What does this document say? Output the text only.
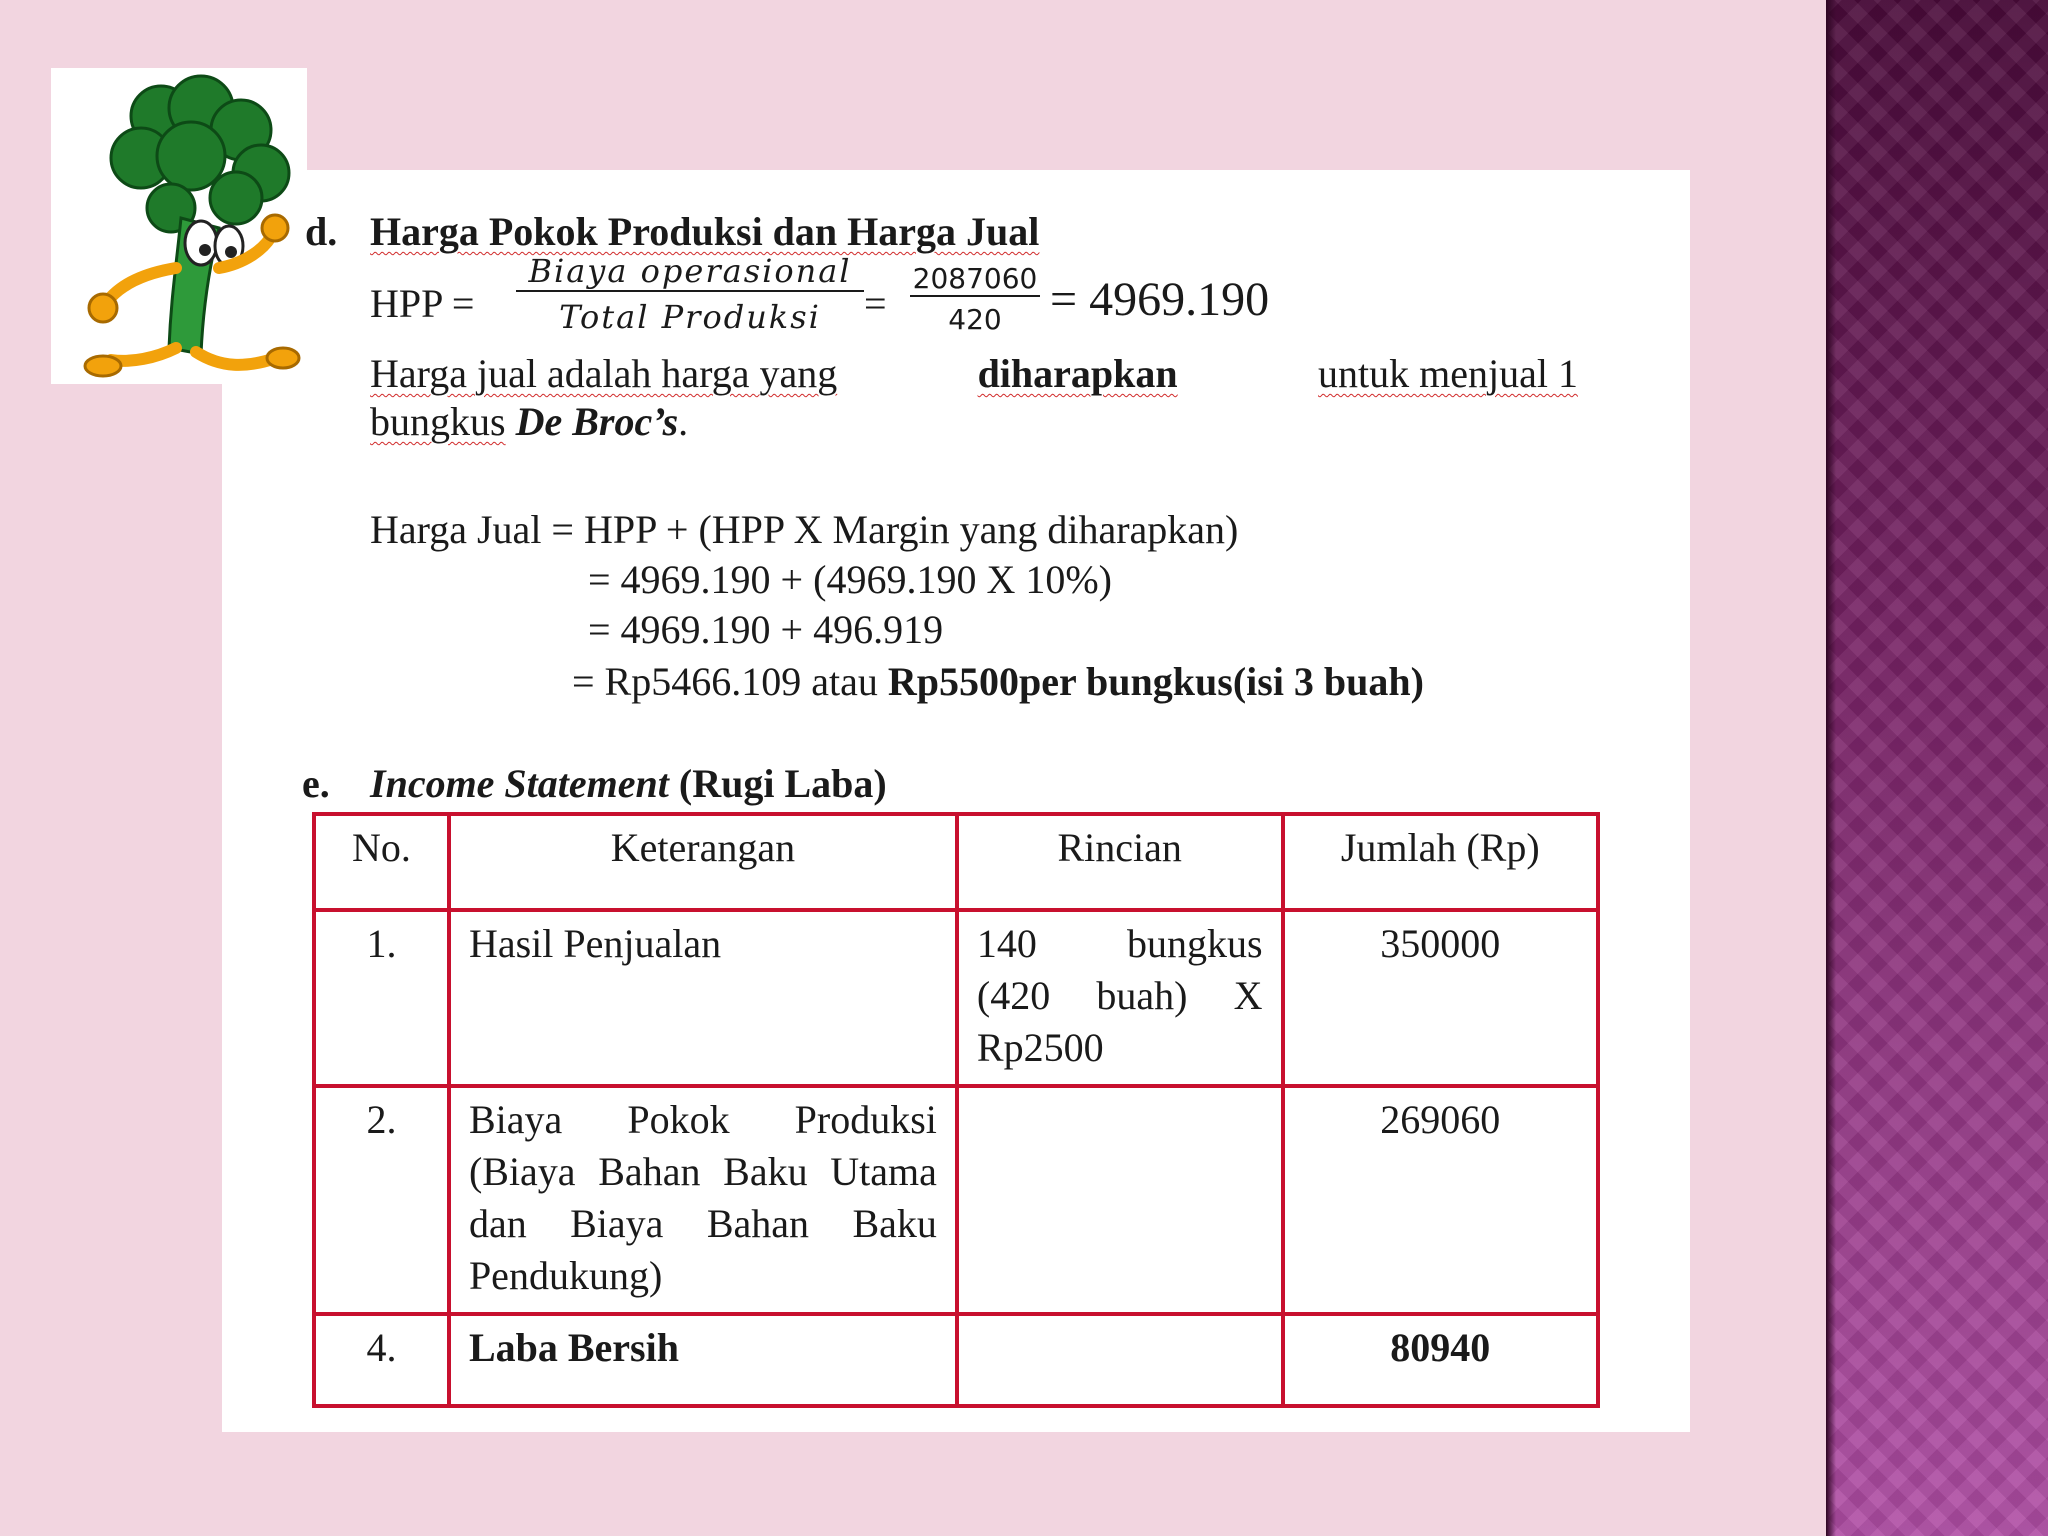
d. Harga Pokok Produksi dan Harga Jual
HPP =
Biaya operasional
Total Produksi	=
2087060
420	= 4969.190
Harga jual adalah harga yang	diharapkan	untuk menjual 1
bungkus De Broc’s.
Harga Jual = HPP + (HPP X Margin yang diharapkan)
= 4969.190 + (4969.190 X 10%)
= 4969.190 + 496.919
= Rp5466.109 atau Rp5500per bungkus(isi 3 buah)
e. Income Statement (Rugi Laba)
No.	Keterangan	Rincian	Jumlah (Rp)
1.	Hasil Penjualan	140 bungkus (420 buah) X Rp2500	350000
2.	Biaya Pokok Produksi (Biaya Bahan Baku Utama dan Biaya Bahan Baku Pendukung)		269060
4.	Laba Bersih		80940
